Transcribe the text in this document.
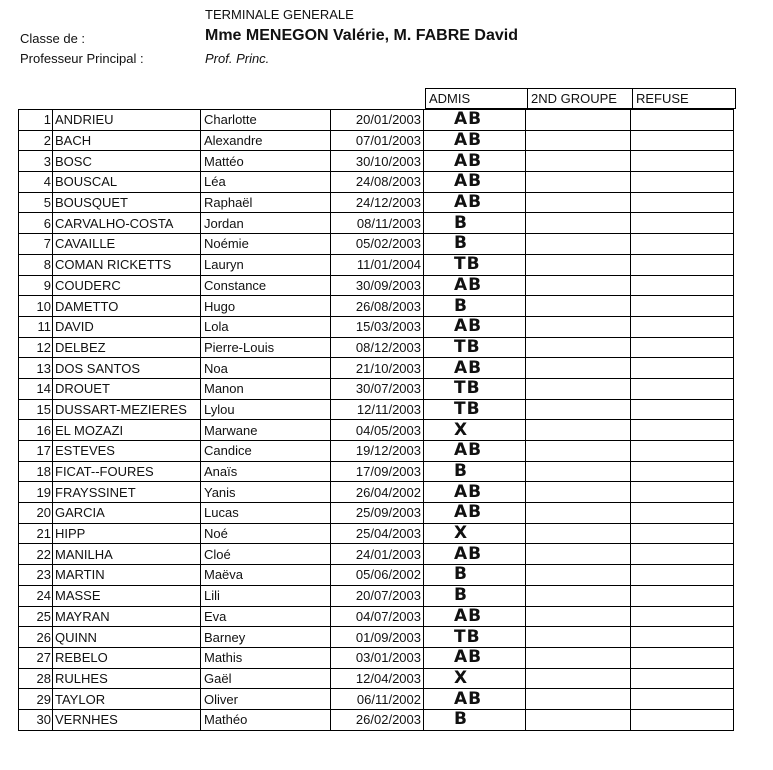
TERMINALE GENERALE
Classe de :	Mme MENEGON Valérie, M. FABRE David
Professeur Principal :	Prof. Princ.
ADMIS	2ND GROUPE	REFUSE
1	ANDRIEU	Charlotte	20/01/2003	AB		
2	BACH	Alexandre	07/01/2003	AB		
3	BOSC	Mattéo	30/10/2003	AB		
4	BOUSCAL	Léa	24/08/2003	AB		
5	BOUSQUET	Raphaël	24/12/2003	AB		
6	CARVALHO-COSTA	Jordan	08/11/2003	B		
7	CAVAILLE	Noémie	05/02/2003	B		
8	COMAN RICKETTS	Lauryn	11/01/2004	TB		
9	COUDERC	Constance	30/09/2003	AB		
10	DAMETTO	Hugo	26/08/2003	B		
11	DAVID	Lola	15/03/2003	AB		
12	DELBEZ	Pierre-Louis	08/12/2003	TB		
13	DOS SANTOS	Noa	21/10/2003	AB		
14	DROUET	Manon	30/07/2003	TB		
15	DUSSART-MEZIERES	Lylou	12/11/2003	TB		
16	EL MOZAZI	Marwane	04/05/2003	X		
17	ESTEVES	Candice	19/12/2003	AB		
18	FICAT--FOURES	Anaïs	17/09/2003	B		
19	FRAYSSINET	Yanis	26/04/2002	AB		
20	GARCIA	Lucas	25/09/2003	AB		
21	HIPP	Noé	25/04/2003	X		
22	MANILHA	Cloé	24/01/2003	AB		
23	MARTIN	Maëva	05/06/2002	B		
24	MASSE	Lili	20/07/2003	B		
25	MAYRAN	Eva	04/07/2003	AB		
26	QUINN	Barney	01/09/2003	TB		
27	REBELO	Mathis	03/01/2003	AB		
28	RULHES	Gaël	12/04/2003	X		
29	TAYLOR	Oliver	06/11/2002	AB		
30	VERNHES	Mathéo	26/02/2003	B		
